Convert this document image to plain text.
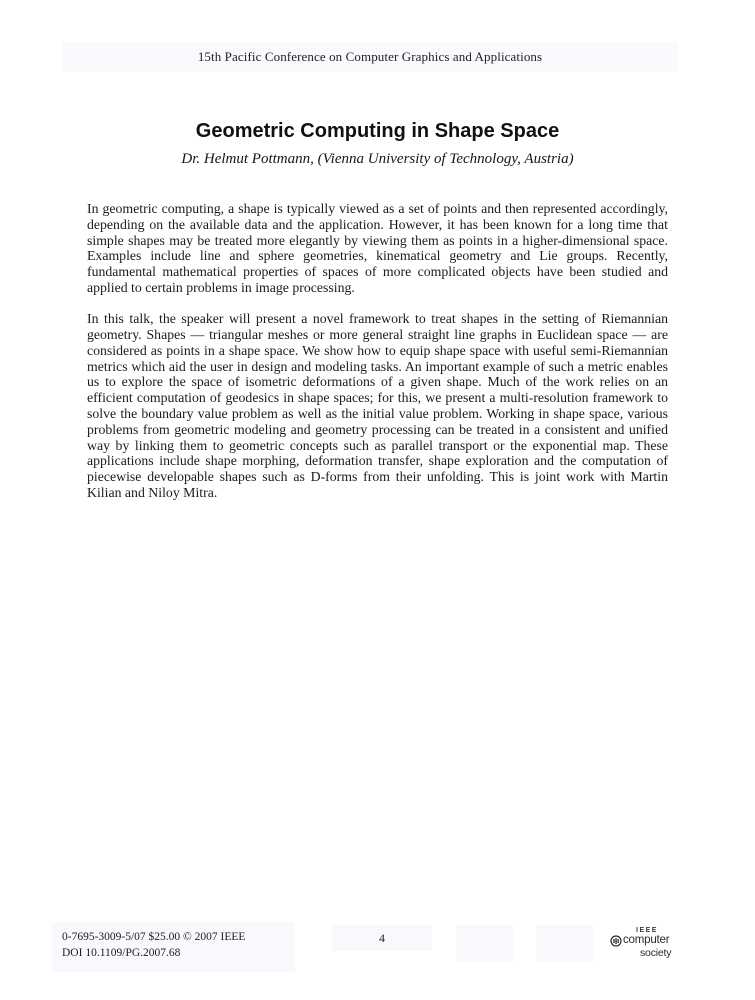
15th Pacific Conference on Computer Graphics and Applications
Geometric Computing in Shape Space
Dr. Helmut Pottmann, (Vienna University of Technology, Austria)

In geometric computing, a shape is typically viewed as a set of points and then represented accordingly, depending on the available data and the application. However, it has been known for a long time that simple shapes may be treated more elegantly by viewing them as points in a higher-dimensional space. Examples include line and sphere geometries, kinematical geometry and Lie groups. Recently, fundamental mathematical properties of spaces of more complicated objects have been studied and applied to certain problems in image processing.

In this talk, the speaker will present a novel framework to treat shapes in the setting of Riemannian geometry. Shapes — triangular meshes or more general straight line graphs in Euclidean space — are considered as points in a shape space. We show how to equip shape space with useful semi-Riemannian metrics which aid the user in design and modeling tasks. An important example of such a metric enables us to explore the space of isometric deformations of a given shape. Much of the work relies on an efficient computation of geodesics in shape spaces; for this, we present a multi-resolution framework to solve the boundary value problem as well as the initial value problem. Working in shape space, various problems from geometric modeling and geometry processing can be treated in a consistent and unified way by linking them to geometric concepts such as parallel transport or the exponential map. These applications include shape morphing, deformation transfer, shape exploration and the computation of piecewise developable shapes such as D-forms from their unfolding. This is joint work with Martin Kilian and Niloy Mitra.

4
0-7695-3009-5/07 $25.00 © 2007 IEEE
DOI 10.1109/PG.2007.68
IEEE
computer
society
